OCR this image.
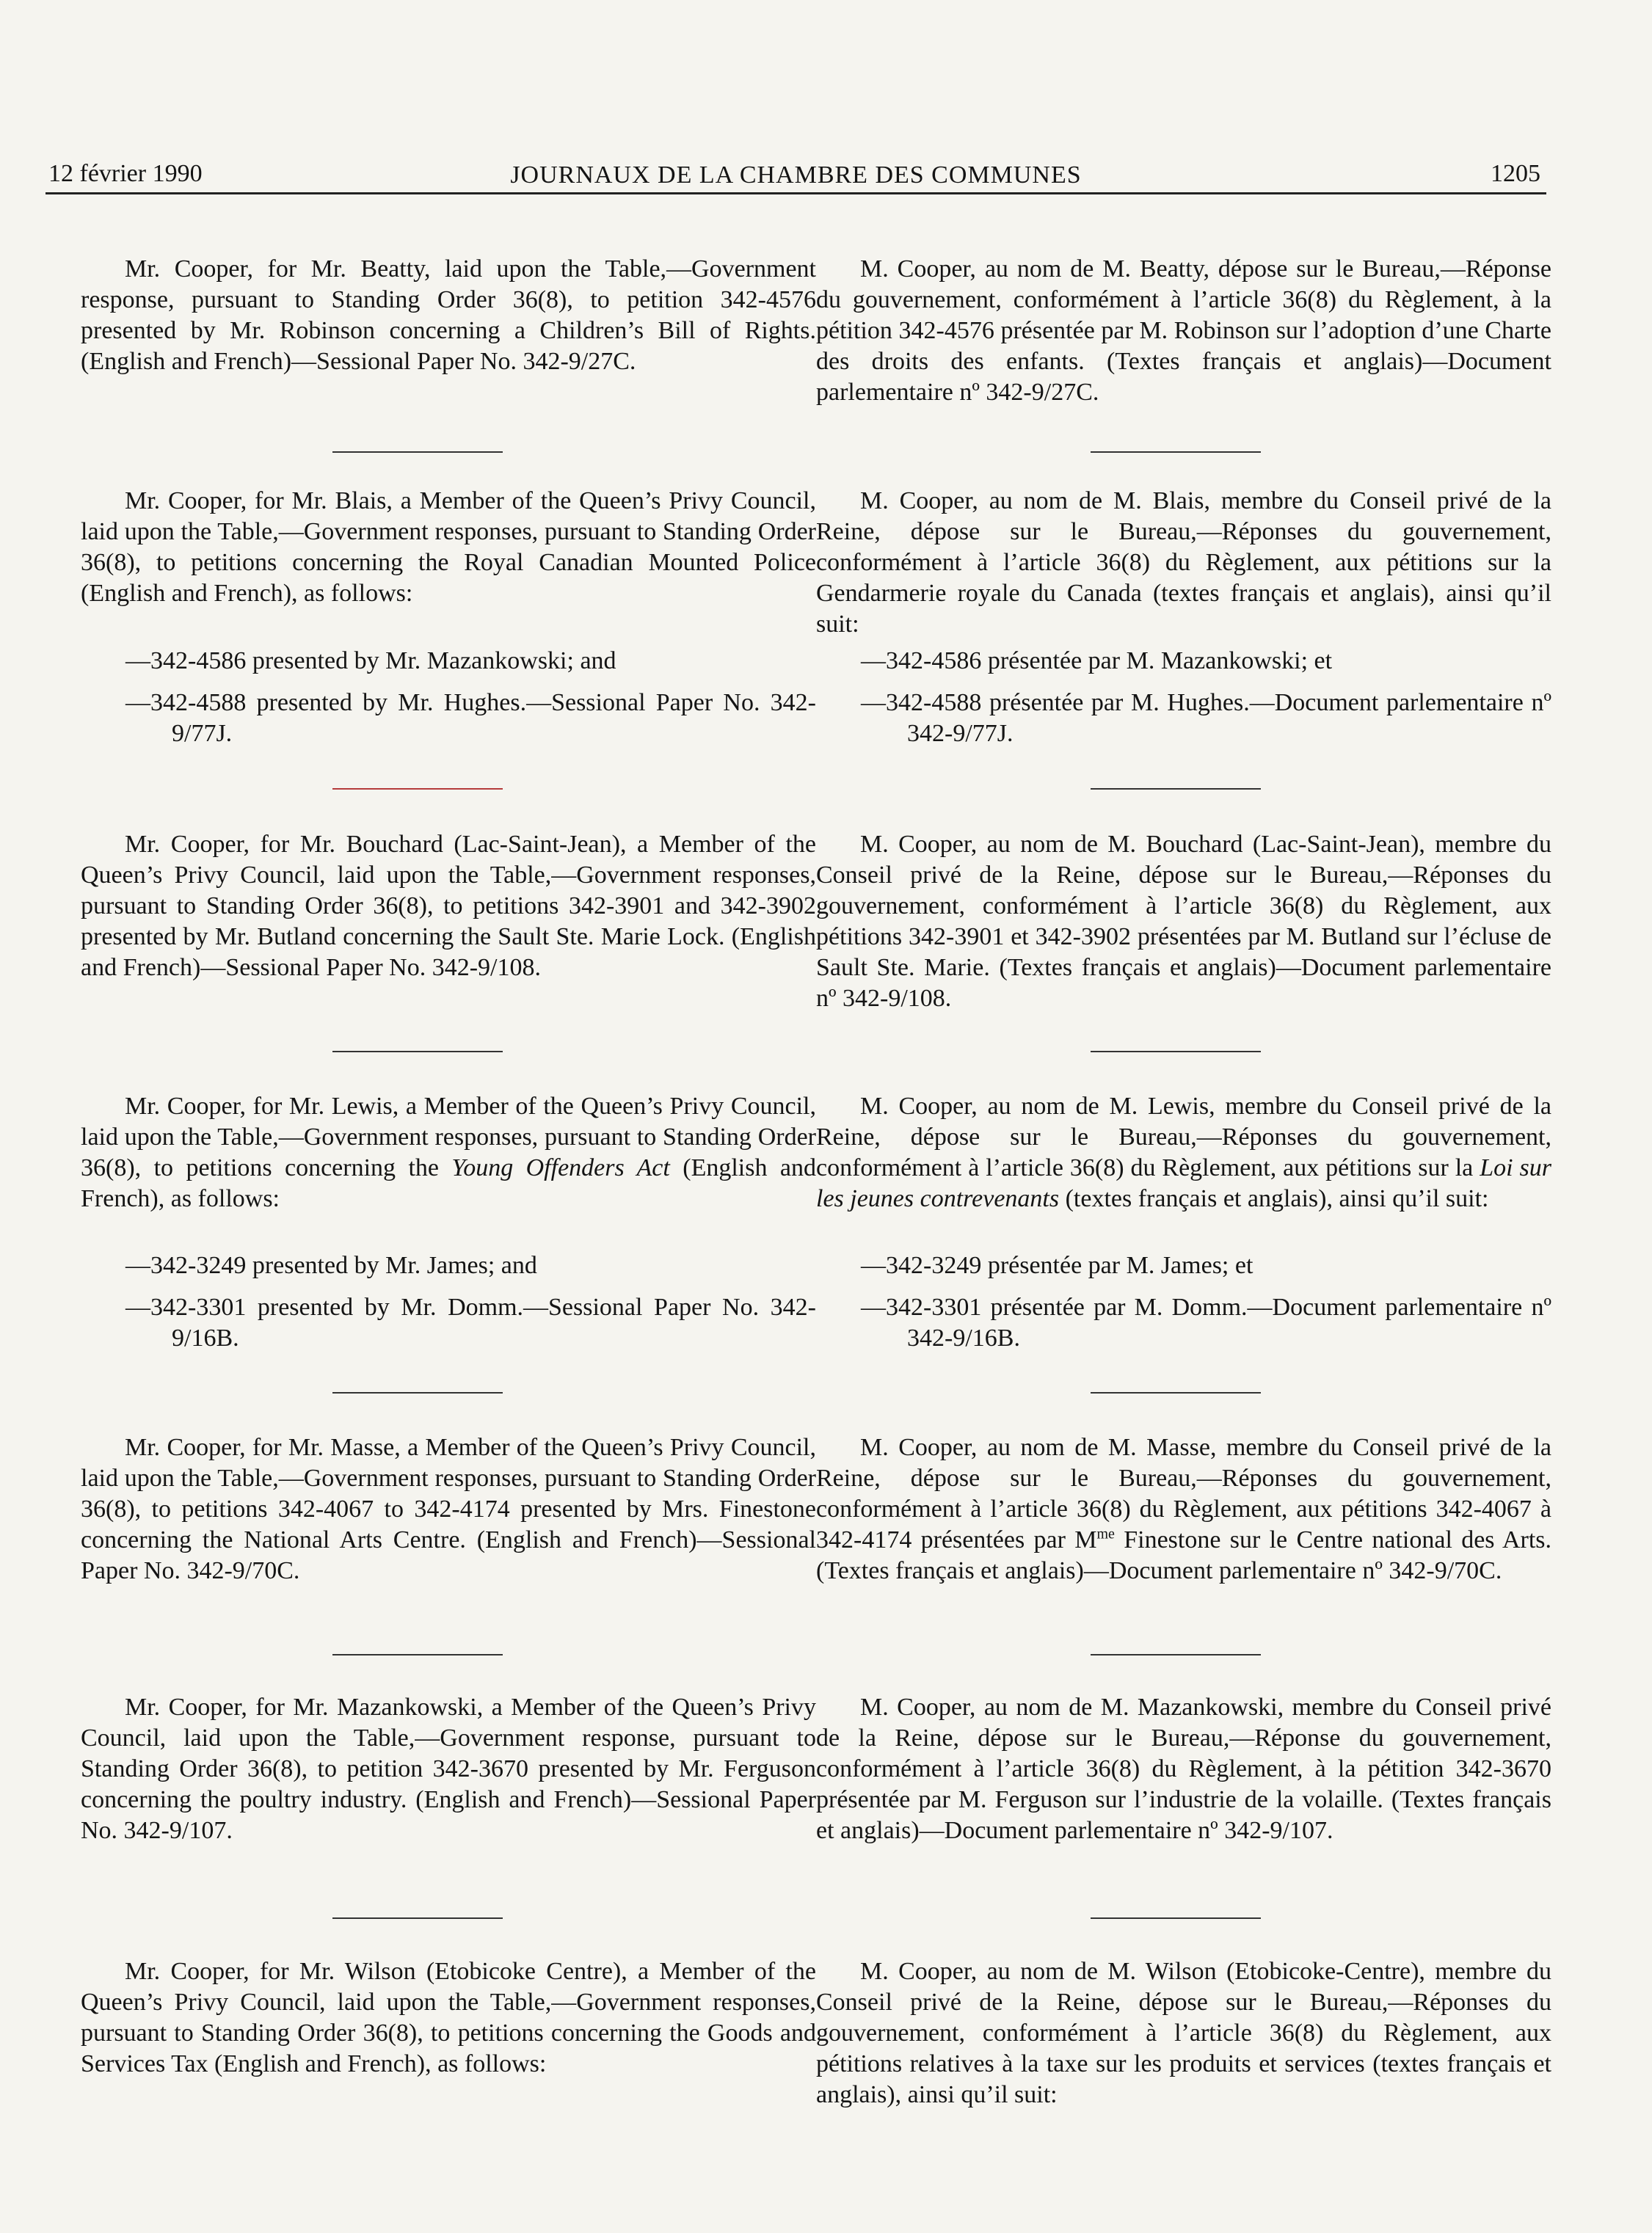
12 février 1990	JOURNAUX DE LA CHAMBRE DES COMMUNES	1205

Mr. Cooper, for Mr. Beatty, laid upon the Table,—Government response, pursuant to Standing Order 36(8), to petition 342-4576 presented by Mr. Robinson concerning a Children’s Bill of Rights. (English and French)—Sessional Paper No. 342-9/27C.

Mr. Cooper, for Mr. Blais, a Member of the Queen’s Privy Council, laid upon the Table,—Government responses, pursuant to Standing Order 36(8), to petitions concerning the Royal Canadian Mounted Police (English and French), as follows:

—342-4586 presented by Mr. Mazankowski; and

—342-4588 presented by Mr. Hughes.—Sessional Paper No. 342-9/77J.

Mr. Cooper, for Mr. Bouchard (Lac-Saint-Jean), a Member of the Queen’s Privy Council, laid upon the Table,—Government responses, pursuant to Standing Order 36(8), to petitions 342-3901 and 342-3902 presented by Mr. Butland concerning the Sault Ste. Marie Lock. (English and French)—Sessional Paper No. 342-9/108.

Mr. Cooper, for Mr. Lewis, a Member of the Queen’s Privy Council, laid upon the Table,—Government responses, pursuant to Standing Order 36(8), to petitions concerning the Young Offenders Act (English and French), as follows:

—342-3249 presented by Mr. James; and

—342-3301 presented by Mr. Domm.—Sessional Paper No. 342-9/16B.

Mr. Cooper, for Mr. Masse, a Member of the Queen’s Privy Council, laid upon the Table,—Government responses, pursuant to Standing Order 36(8), to petitions 342-4067 to 342-4174 presented by Mrs. Finestone concerning the National Arts Centre. (English and French)—Sessional Paper No. 342-9/70C.

Mr. Cooper, for Mr. Mazankowski, a Member of the Queen’s Privy Council, laid upon the Table,—Government response, pursuant to Standing Order 36(8), to petition 342-3670 presented by Mr. Ferguson concerning the poultry industry. (English and French)—Sessional Paper No. 342-9/107.

Mr. Cooper, for Mr. Wilson (Etobicoke Centre), a Member of the Queen’s Privy Council, laid upon the Table,—Government responses, pursuant to Standing Order 36(8), to petitions concerning the Goods and Services Tax (English and French), as follows:

M. Cooper, au nom de M. Beatty, dépose sur le Bureau,—Réponse du gouvernement, conformément à l’article 36(8) du Règlement, à la pétition 342-4576 présentée par M. Robinson sur l’adoption d’une Charte des droits des enfants. (Textes français et anglais)—Document parlementaire nº 342-9/27C.

M. Cooper, au nom de M. Blais, membre du Conseil privé de la Reine, dépose sur le Bureau,—Réponses du gouvernement, conformément à l’article 36(8) du Règlement, aux pétitions sur la Gendarmerie royale du Canada (textes français et anglais), ainsi qu’il suit:

—342-4586 présentée par M. Mazankowski; et

—342-4588 présentée par M. Hughes.—Document parlementaire nº 342-9/77J.

M. Cooper, au nom de M. Bouchard (Lac-Saint-Jean), membre du Conseil privé de la Reine, dépose sur le Bureau,—Réponses du gouvernement, conformément à l’article 36(8) du Règlement, aux pétitions 342-3901 et 342-3902 présentées par M. Butland sur l’écluse de Sault Ste. Marie. (Textes français et anglais)—Document parlementaire nº 342-9/108.

M. Cooper, au nom de M. Lewis, membre du Conseil privé de la Reine, dépose sur le Bureau,—Réponses du gouvernement, conformément à l’article 36(8) du Règlement, aux pétitions sur la Loi sur les jeunes contrevenants (textes français et anglais), ainsi qu’il suit:

—342-3249 présentée par M. James; et

—342-3301 présentée par M. Domm.—Document parlementaire nº 342-9/16B.

M. Cooper, au nom de M. Masse, membre du Conseil privé de la Reine, dépose sur le Bureau,—Réponses du gouvernement, conformément à l’article 36(8) du Règlement, aux pétitions 342-4067 à 342-4174 présentées par $M^{me}$ Finestone sur le Centre national des Arts. (Textes français et anglais)—Document parlementaire nº 342-9/70C.

M. Cooper, au nom de M. Mazankowski, membre du Conseil privé de la Reine, dépose sur le Bureau,—Réponse du gouvernement, conformément à l’article 36(8) du Règlement, à la pétition 342-3670 présentée par M. Ferguson sur l’industrie de la volaille. (Textes français et anglais)—Document parlementaire nº 342-9/107.

M. Cooper, au nom de M. Wilson (Etobicoke-Centre), membre du Conseil privé de la Reine, dépose sur le Bureau,—Réponses du gouvernement, conformément à l’article 36(8) du Règlement, aux pétitions relatives à la taxe sur les produits et services (textes français et anglais), ainsi qu’il suit:
